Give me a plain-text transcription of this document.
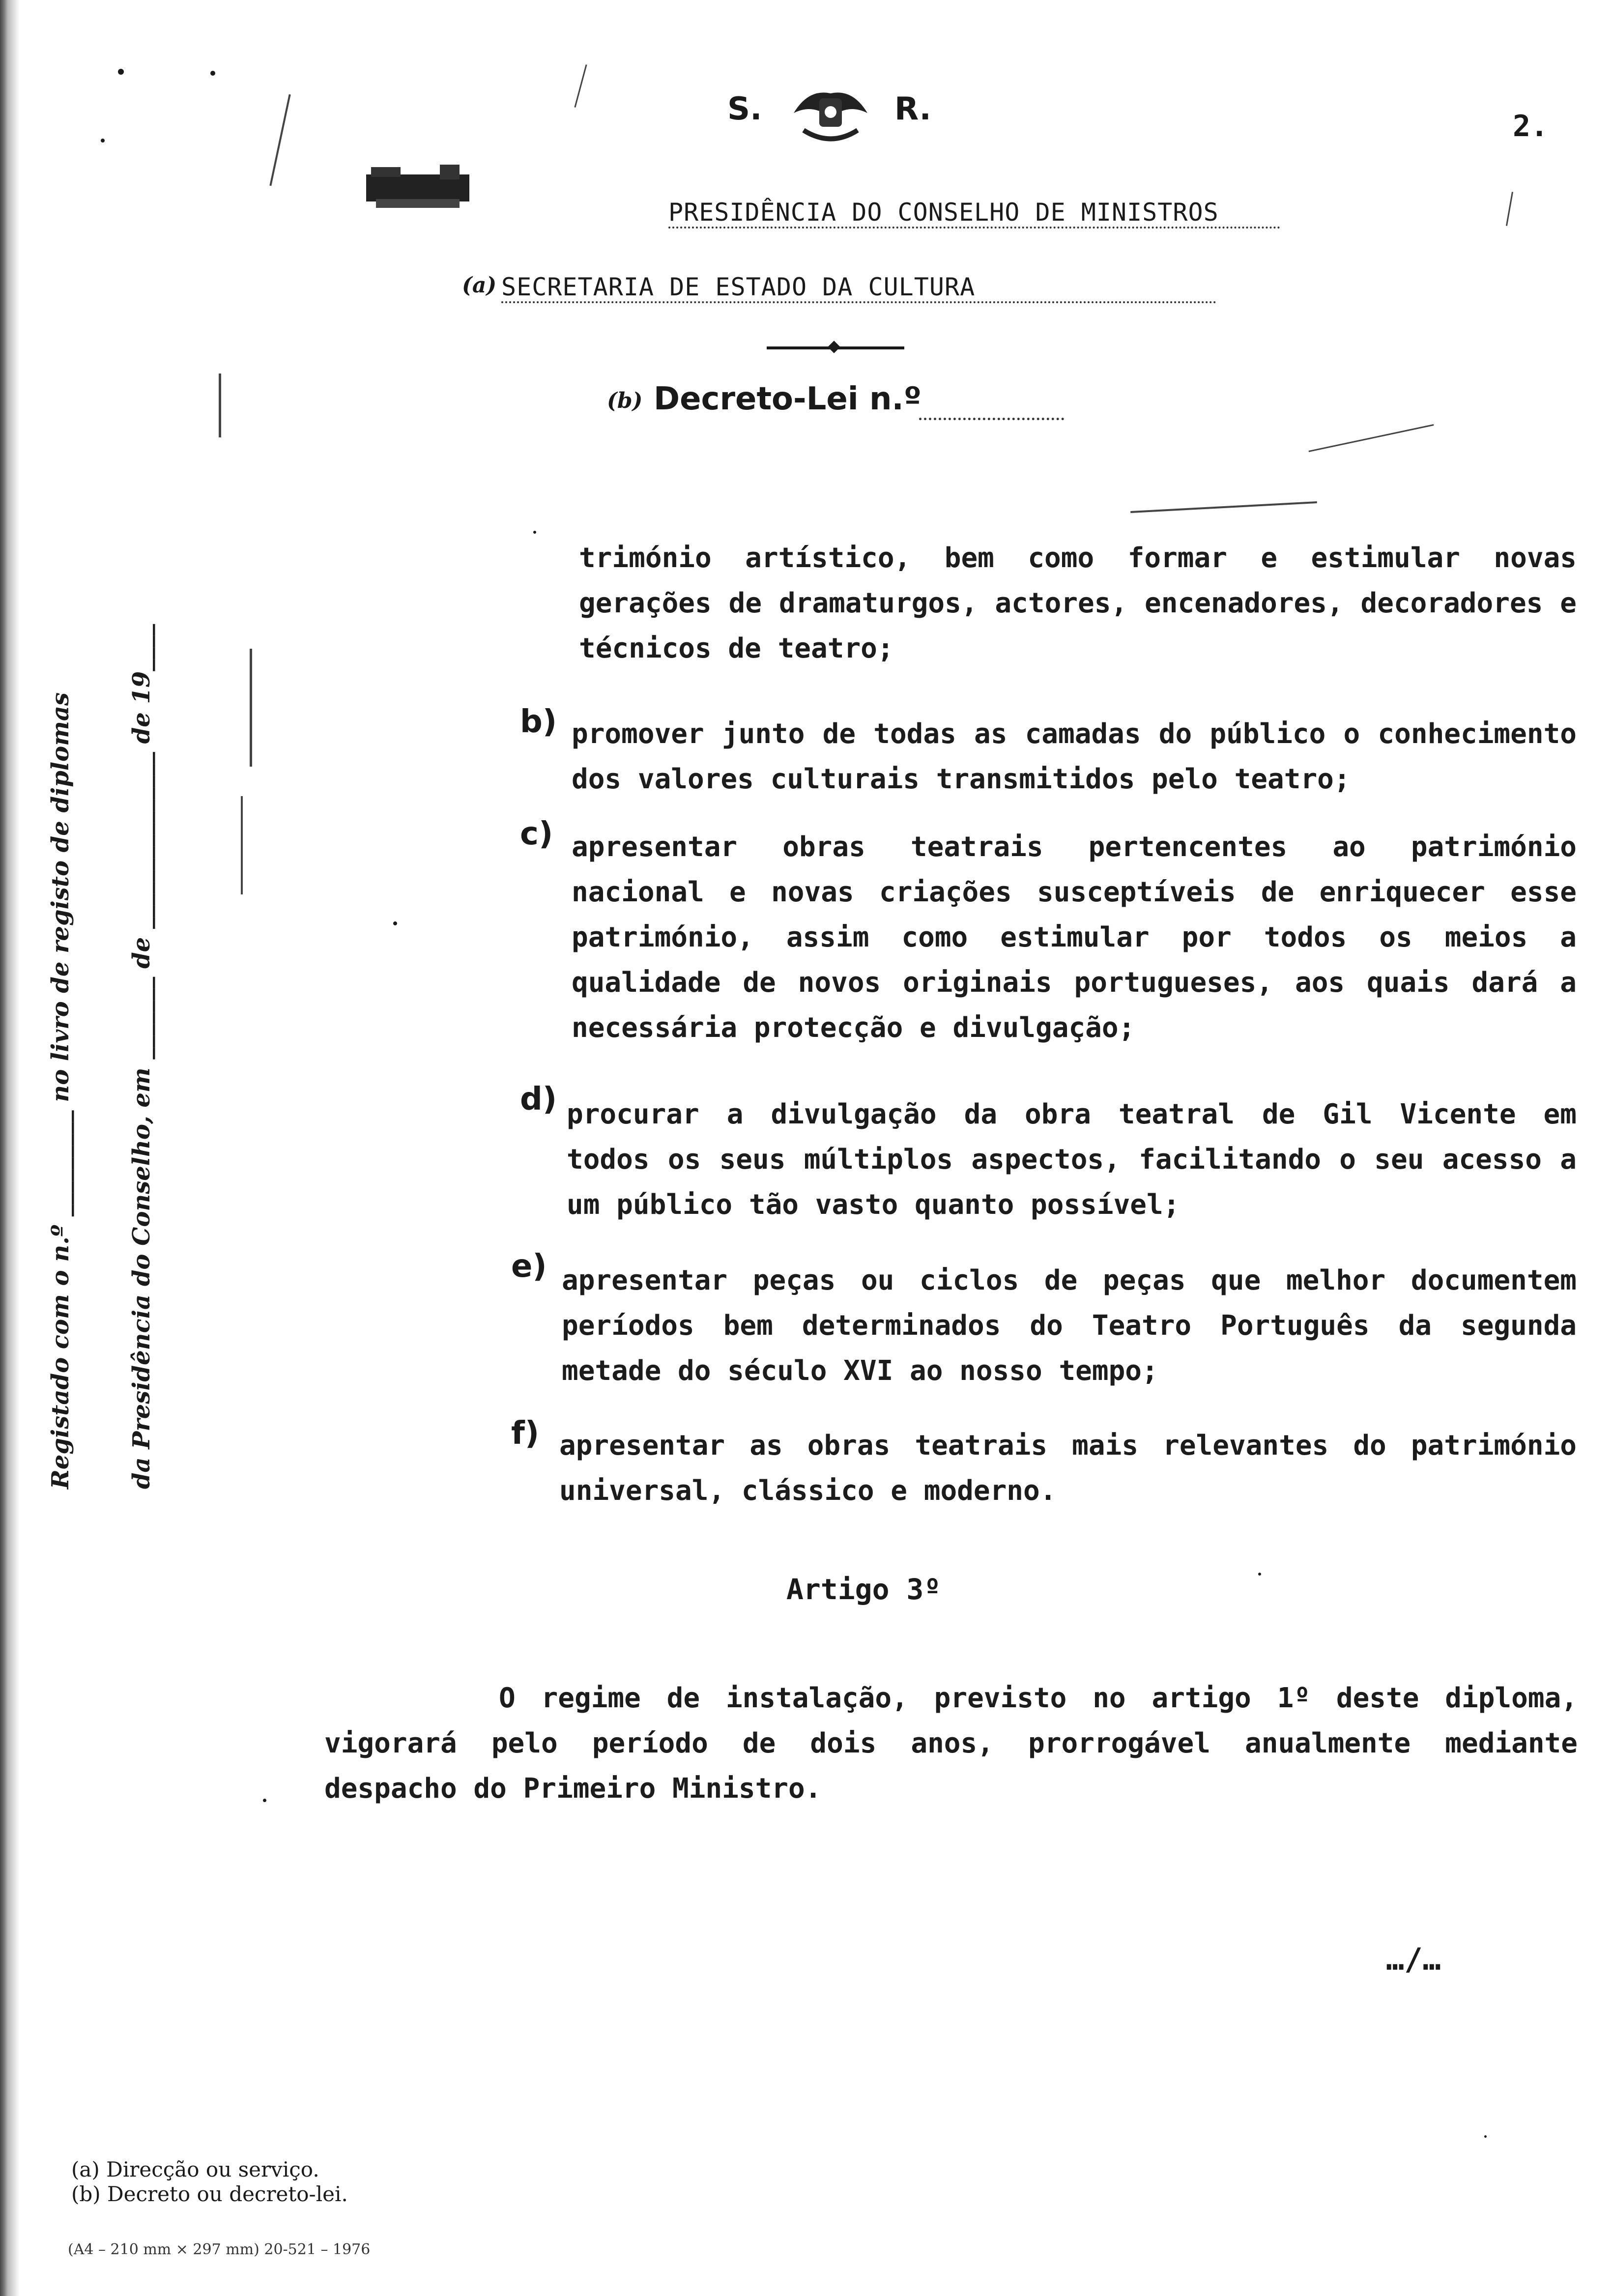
S.	R.	2.
PRESIDÊNCIA DO CONSELHO DE MINISTROS
(a) SECRETARIA DE ESTADO DA CULTURA
(b) Decreto-Lei n.º
Registado com o n.º _________ no livro de registo de diplomas	da Presidência do Conselho, em _______ de _______________ de 19____
trimónio artístico, bem como formar e estimular novas gerações de dramaturgos, actores, encenadores, decoradores e técnicos de teatro;
b) promover junto de todas as camadas do público o conhecimento dos valores culturais transmitidos pelo teatro;
c) apresentar obras teatrais pertencentes ao património nacional e novas criações susceptíveis de enriquecer esse património, assim como estimular por todos os meios a qualidade de novos originais portugueses, aos quais dará a necessária protecção e divulgação;
d) procurar a divulgação da obra teatral de Gil Vicente em todos os seus múltiplos aspectos, facilitando o seu acesso a um público tão vasto quanto possível;
e) apresentar peças ou ciclos de peças que melhor documentem períodos bem determinados do Teatro Português da segunda metade do século XVI ao nosso tempo;
f) apresentar as obras teatrais mais relevantes do património universal, clássico e moderno.
Artigo 3º
O regime de instalação, previsto no artigo 1º deste diploma, vigorará pelo período de dois anos, prorrogável anualmente mediante despacho do Primeiro Ministro.
…/…
(a) Direcção ou serviço.
(b) Decreto ou decreto-lei.
(A4 – 210 mm × 297 mm) 20-521 – 1976
